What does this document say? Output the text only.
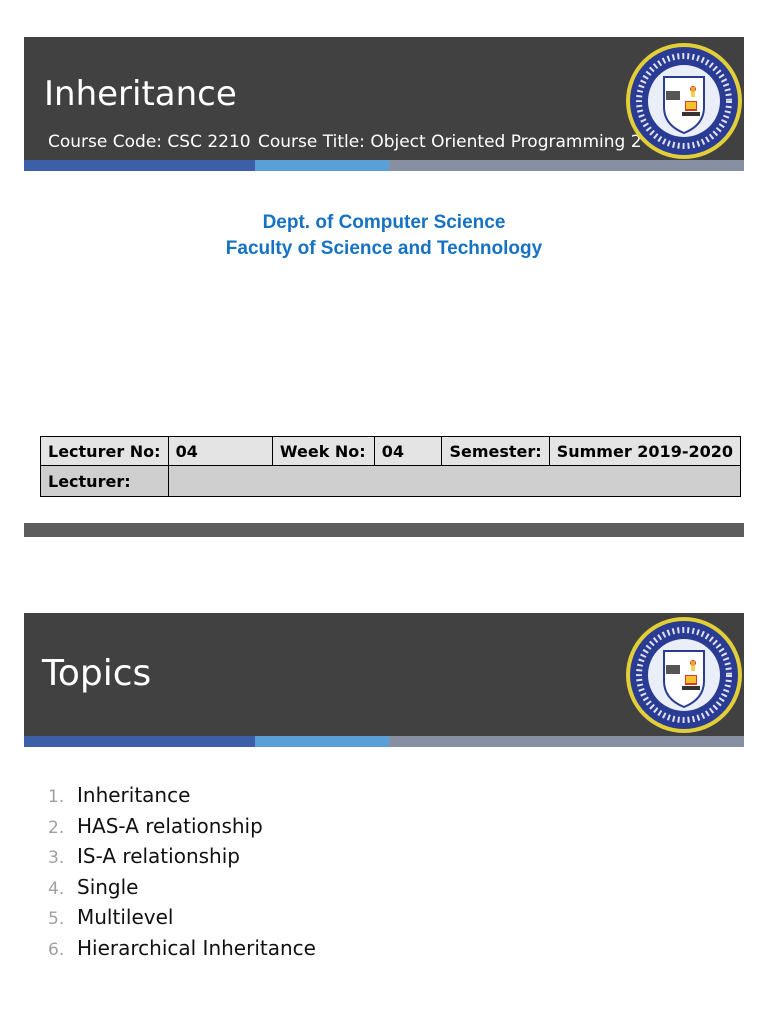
Inheritance

Course Code: CSC 2210 Course Title: Object Oriented Programming 2

Dept. of Computer Science

Faculty of Science and Technology

Lecturer No:	04	Week No:	04	Semester:	Summer 2019-2020
Lecturer:					
Topics
1. Inheritance
2. HAS-A relationship
3. IS-A relationship
4. Single
5. Multilevel
6. Hierarchical Inheritance
